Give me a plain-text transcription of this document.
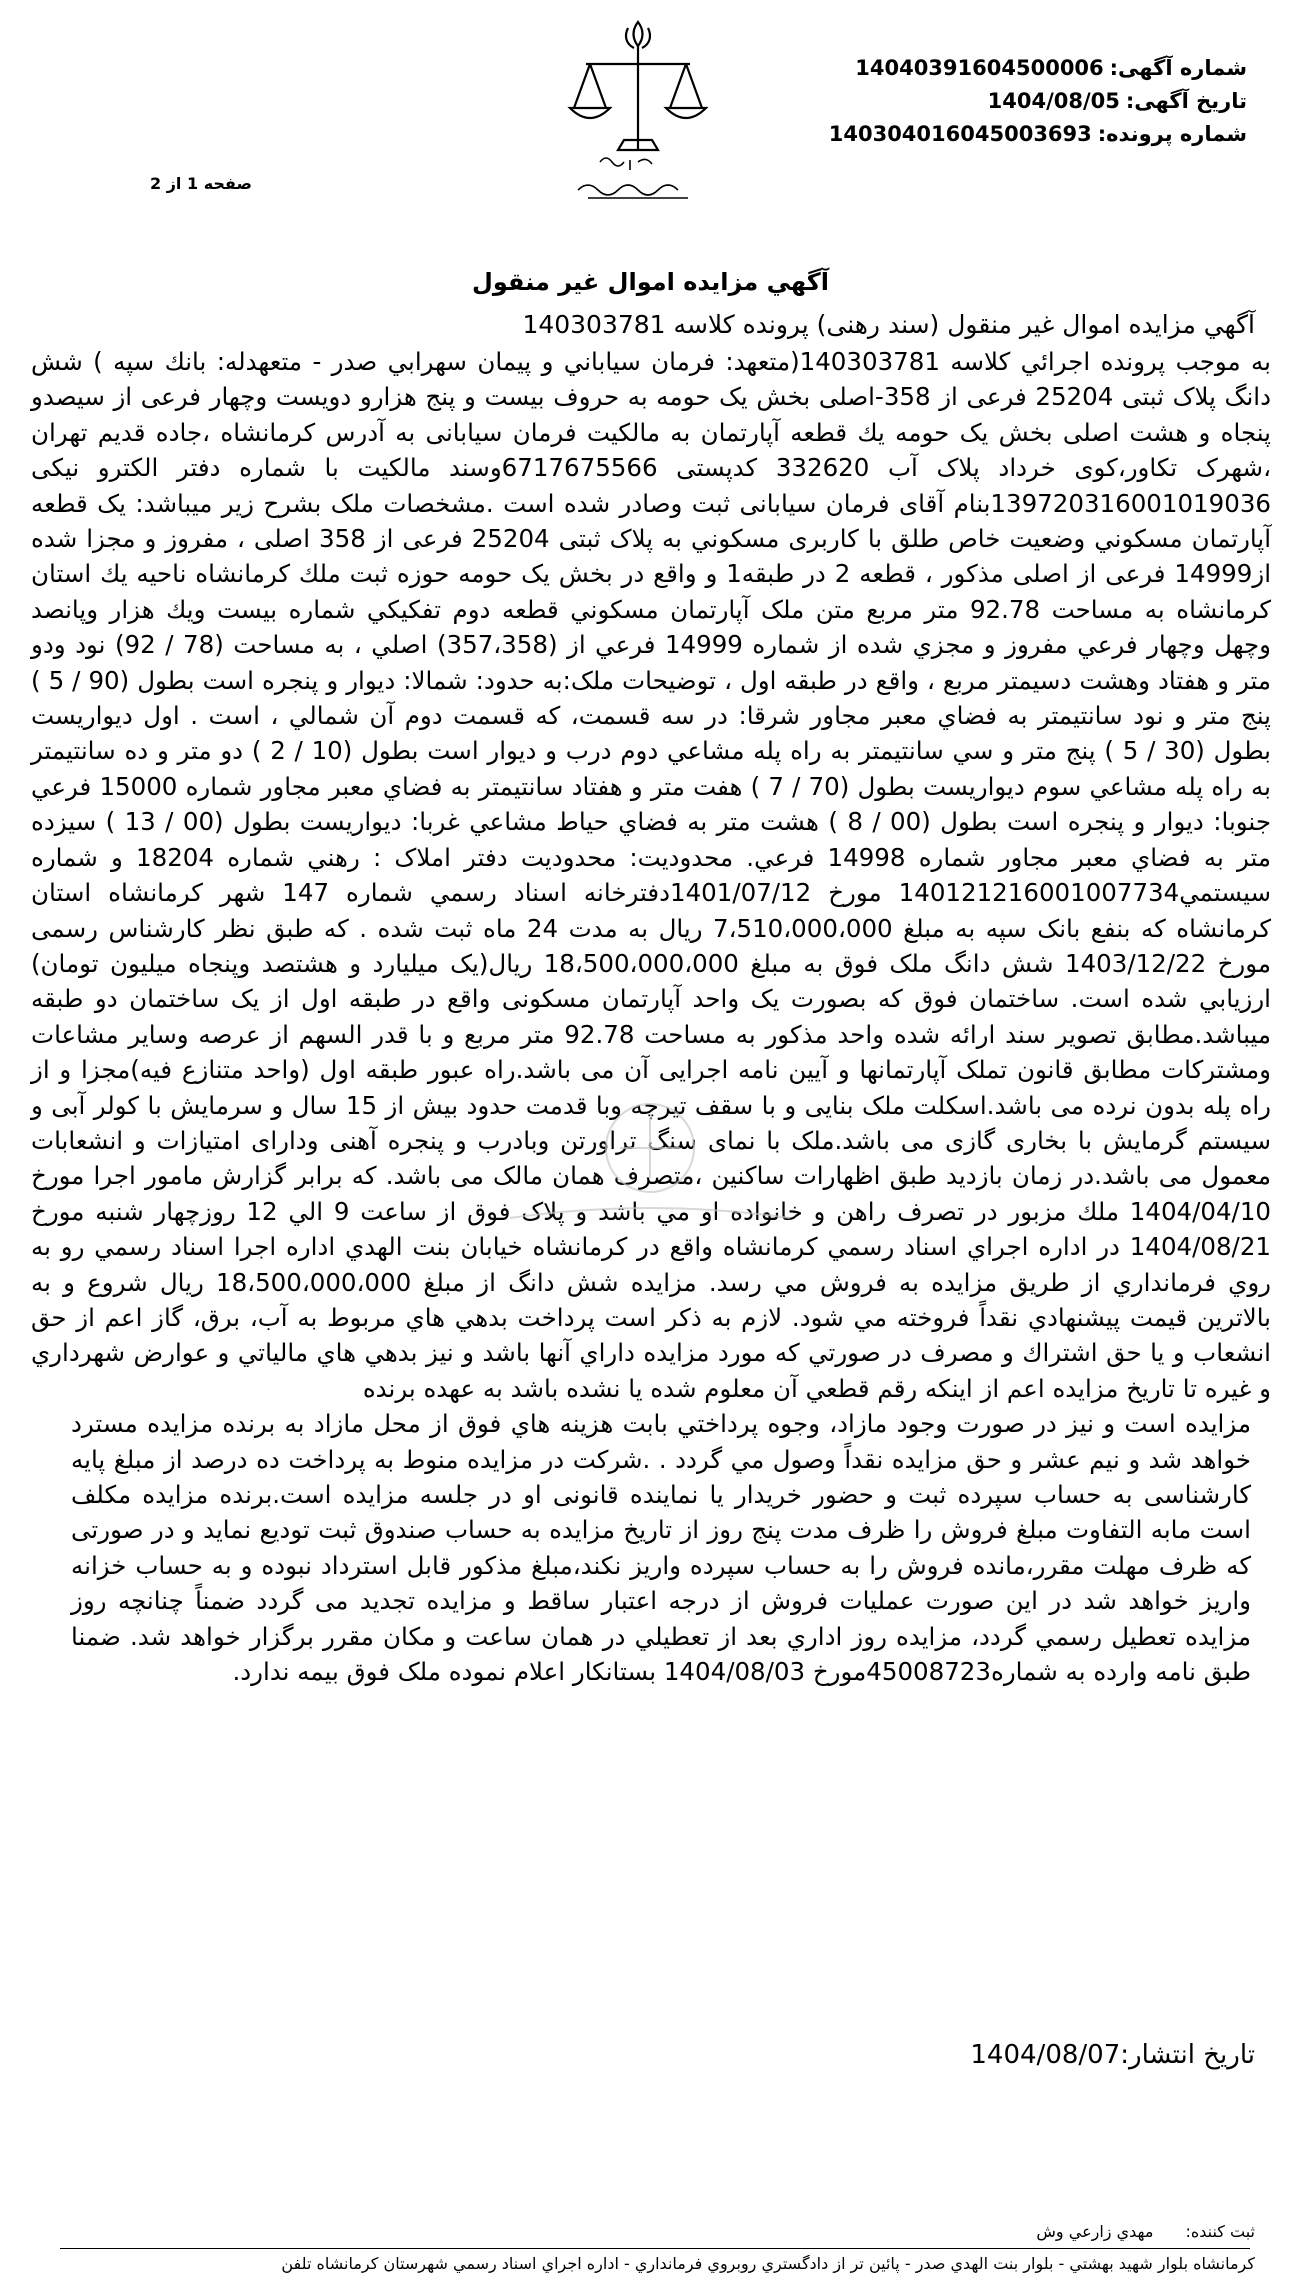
شماره آگهی:
14040391604500006
تاریخ آگهی:
1404/08/05
شماره پرونده:
140304016045003693
صفحه 1 از 2
آگهي مزايده اموال غير منقول
آگهي مزايده اموال غير منقول (سند رهنی) پرونده کلاسه 140303781
به موجب پرونده اجرائي كلاسه 140303781(متعهد: فرمان سياباني و پيمان سهرابي صدر - متعهدله: بانك سپه ) شش دانگ پلاک ثبتی 25204 فرعی از 358-اصلی بخش یک حومه به حروف بیست و پنج هزارو دویست وچهار فرعی از سیصدو پنجاه و هشت اصلی بخش یک حومه یك قطعه آپارتمان به مالکیت فرمان سیابانی به آدرس کرمانشاه ،جاده قدیم تهران ،شهرک تکاور،کوی خرداد پلاک آب 332620 کدپستی 6717675566وسند مالکیت با شماره دفتر الکترو نیکی 139720316001019036بنام آقای فرمان سیابانی ثبت وصادر شده است .مشخصات ملک بشرح زیر میباشد: يک قطعه آپارتمان مسکوني وضعيت خاص طلق با کاربری مسکوني به پلاک ثبتی 25204 فرعی از 358 اصلی ، مفروز و مجزا شده از14999 فرعی از اصلی مذکور ، قطعه 2 در طبقه1 و واقع در بخش یک حومه حوزه ثبت ملك كرمانشاه ناحيه يك استان کرمانشاه به مساحت 92.78 متر مربع متن ملک آپارتمان مسكوني قطعه دوم تفكيكي شماره بيست ويك هزار وپانصد وچهل وچهار فرعي مفروز و مجزي شده از شماره 14999 فرعي از (357،358) اصلي ، به مساحت (78 / 92) نود ودو متر و هفتاد وهشت دسيمتر مربع ، واقع در طبقه اول ، توضيحات ملک:به حدود: شمالا: ديوار و پنجره است بطول (90 / 5 ) پنج متر و نود سانتيمتر به فضاي معبر مجاور شرقا: در سه قسمت، كه قسمت دوم آن شمالي ، است . اول ديواريست بطول (30 / 5 ) پنج متر و سي سانتيمتر به راه پله مشاعي دوم درب و ديوار است بطول (10 / 2 ) دو متر و ده سانتيمتر به راه پله مشاعي سوم ديواريست بطول (70 / 7 ) هفت متر و هفتاد سانتيمتر به فضاي معبر مجاور شماره 15000 فرعي جنوبا: ديوار و پنجره است بطول (00 / 8 ) هشت متر به فضاي حياط مشاعي غربا: ديواريست بطول (00 / 13 ) سيزده متر به فضاي معبر مجاور شماره 14998 فرعي. محدوديت: محدوديت دفتر املاک : رهني شماره 18204 و شماره سيستمي140121216001007734 مورخ 1401/07/12دفترخانه اسناد رسمي شماره 147 شهر کرمانشاه استان کرمانشاه که بنفع بانک سپه به مبلغ 7،510،000،000 ريال به مدت 24 ماه ثبت شده . که طبق نظر کارشناس رسمی مورخ 1403/12/22 شش دانگ ملک فوق به مبلغ 18،500،000،000 ريال(يک ميليارد و هشتصد وپنجاه ميليون تومان) ارزيابي شده است. ساختمان فوق که بصورت يک واحد آپارتمان مسکونی واقع در طبقه اول از يک ساختمان دو طبقه ميباشد.مطابق تصویر سند ارائه شده واحد مذکور به مساحت 92.78 متر مربع و با قدر السهم از عرصه وسایر مشاعات ومشترکات مطابق قانون تملک آپارتمانها و آیین نامه اجرایی آن می باشد.راه عبور طبقه اول (واحد متنازع فیه)مجزا و از راه پله بدون نرده می باشد.اسکلت ملک بنایی و با سقف تیرچه وبا قدمت حدود بیش از 15 سال و سرمایش با کولر آبی و سیستم گرمایش با بخاری گازی می باشد.ملک با نمای سنگ تراورتن وبادرب و پنجره آهنی ودارای امتیازات و انشعابات معمول می باشد.در زمان بازدید طبق اظهارات ساکنین ،متصرف همان مالک می باشد. که برابر گزارش مامور اجرا مورخ 1404/04/10 ملك مزبور در تصرف راهن و خانواده او مي باشد و پلاک فوق از ساعت 9 الي 12 روزچهار شنبه مورخ 1404/08/21 در اداره اجراي اسناد رسمي كرمانشاه واقع در كرمانشاه خيابان بنت الهدي اداره اجرا اسناد رسمي رو به روي فرمانداري از طريق مزايده به فروش مي رسد. مزايده شش دانگ از مبلغ 18،500،000،000 ريال شروع و به بالاترين قيمت پيشنهادي نقداً فروخته مي شود. لازم به ذكر است پرداخت بدهي هاي مربوط به آب، برق، گاز اعم از حق انشعاب و يا حق اشتراك و مصرف در صورتي كه مورد مزايده داراي آنها باشد و نيز بدهي هاي مالياتي و عوارض شهرداري و غيره تا تاريخ مزايده اعم از اينكه رقم قطعي آن معلوم شده يا نشده باشد به عهده برنده
مزايده است و نيز در صورت وجود مازاد، وجوه پرداختي بابت هزينه هاي فوق از محل مازاد به برنده مزايده مسترد خواهد شد و نيم عشر و حق مزايده نقداً وصول مي گردد . .شرکت در مزایده منوط به پرداخت ده درصد از مبلغ پایه کارشناسی به حساب سپرده ثبت و حضور خریدار یا نماینده قانونی او در جلسه مزایده است.برنده مزایده مکلف است مابه التفاوت مبلغ فروش را ظرف مدت پنج روز از تاریخ مزایده به حساب صندوق ثبت تودیع نماید و در صورتی که ظرف مهلت مقرر،مانده فروش را به حساب سپرده واریز نکند،مبلغ مذکور قابل استرداد نبوده و به حساب خزانه واریز خواهد شد در این صورت عملیات فروش از درجه اعتبار ساقط و مزایده تجدید می گردد ضمناً چنانچه روز مزايده تعطيل رسمي گردد، مزايده روز اداري بعد از تعطيلي در همان ساعت و مكان مقرر برگزار خواهد شد. ضمنا طبق نامه وارده به شماره45008723مورخ 1404/08/03 بستانکار اعلام نموده ملک فوق بیمه ندارد.
تاريخ انتشار:1404/08/07
ثبت كننده:
مهدي زارعي وش
كرمانشاه بلوار شهيد بهشتي - بلوار بنت الهدي صدر - پائين تر از دادگستري روبروي فرمانداري - اداره اجراي اسناد رسمي شهرستان كرمانشاه تلفن
